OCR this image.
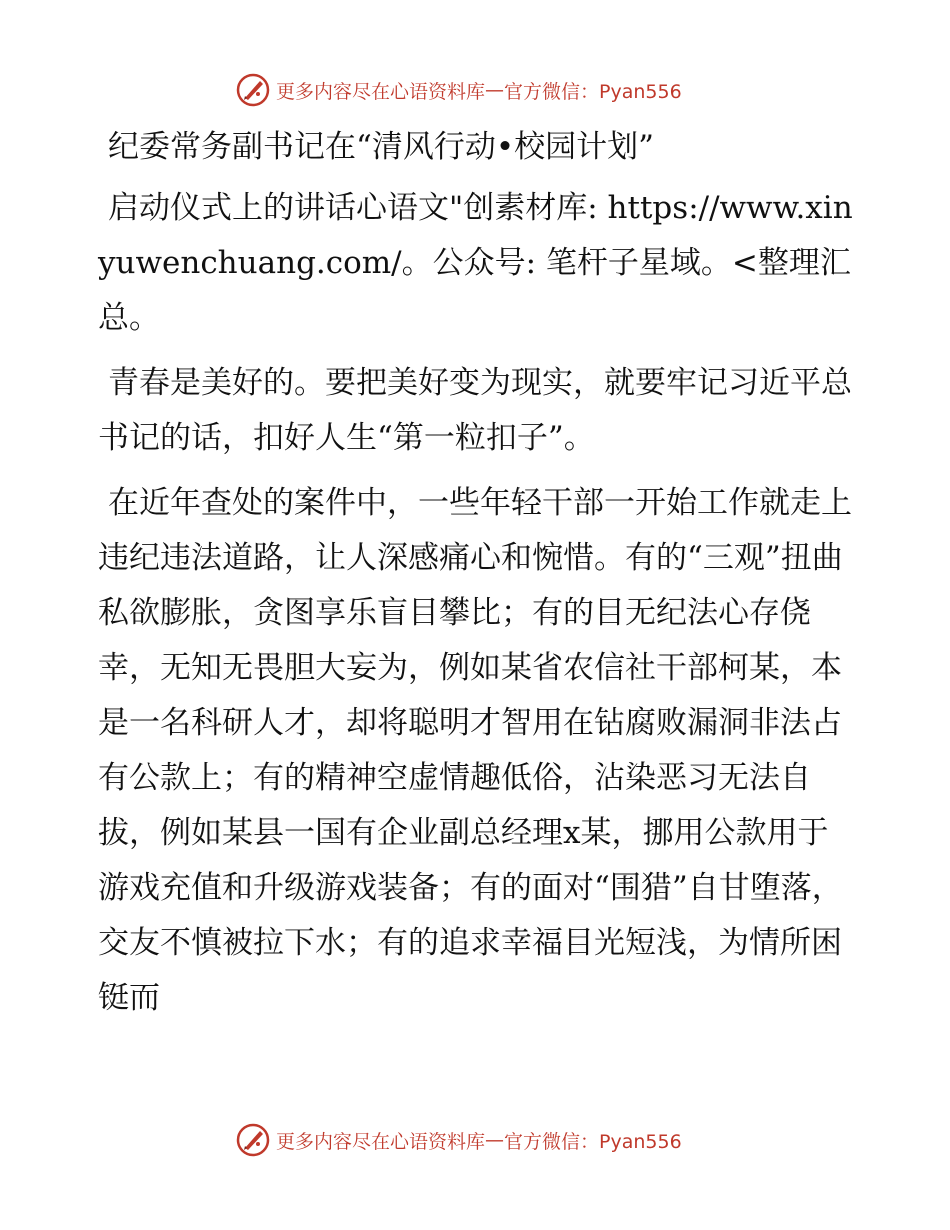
更多内容尽在心语资料库 — 官方微信：Pyan556

纪委常务副书记在“清风行动•校园计划”

启动仪式上的讲话心语文"创素材库: https://www.xinyuwenchuang.com/。公众号: 笔杆子星域。<整理汇总。

青春是美好的。要把美好变为现实，就要牢记习近平总书记的话，扣好人生“第一粒扣子”。

在近年查处的案件中，一些年轻干部一开始工作就走上违纪违法道路，让人深感痛心和惋惜。有的“三观”扭曲私欲膨胀，贪图享乐盲目攀比；有的目无纪法心存侥幸，无知无畏胆大妄为，例如某省农信社干部柯某，本是一名科研人才，却将聪明才智用在钻腐败漏洞非法占有公款上；有的精神空虚情趣低俗，沾染恶习无法自拔，例如某县一国有企业副总经理x某，挪用公款用于游戏充值和升级游戏装备；有的面对“围猎”自甘堕落，交友不慎被拉下水；有的追求幸福目光短浅，为情所困铤而

更多内容尽在心语资料库 — 官方微信：Pyan556
